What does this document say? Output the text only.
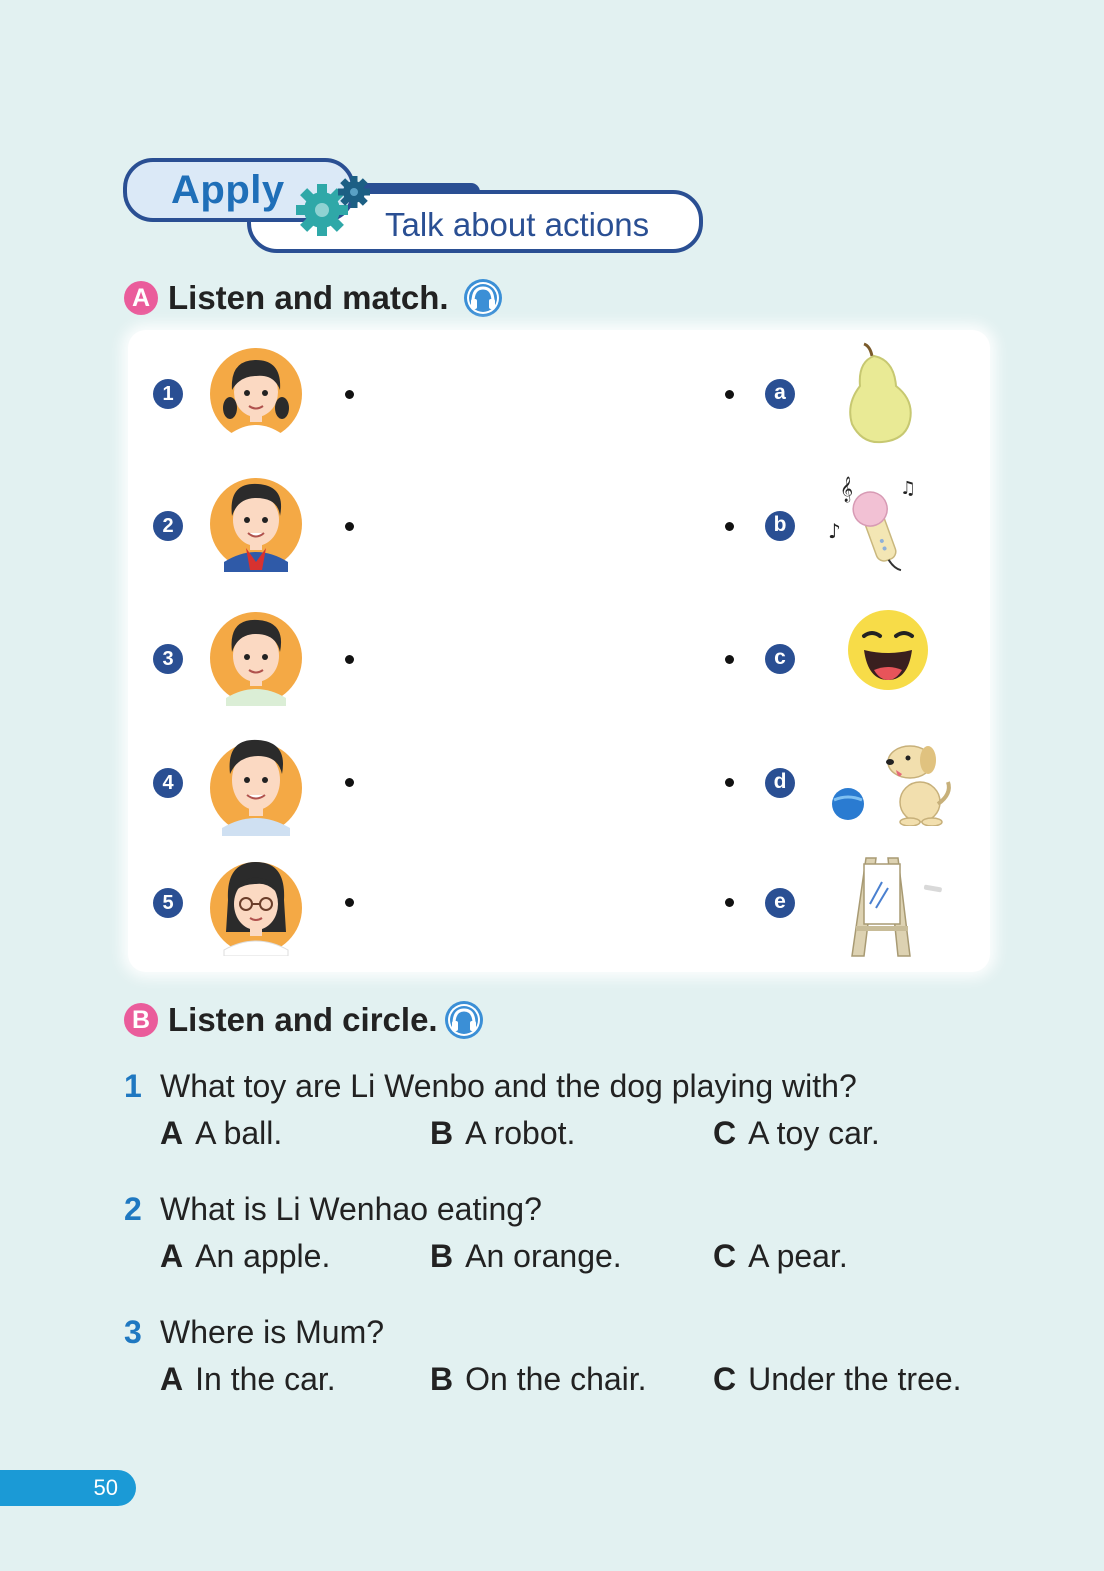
Talk about actions
Apply
A Listen and match.
1	a
2	b
𝄞	♫
♪
3	c
4	d
5	e
B Listen and circle.
1 What toy are Li Wenbo and the dog playing with?
A A ball.	B A robot.	C A toy car.
2 What is Li Wenhao eating?
A An apple.	B An orange.	C A pear.
3 Where is Mum?
A In the car.	B On the chair. C Under the tree.
50
